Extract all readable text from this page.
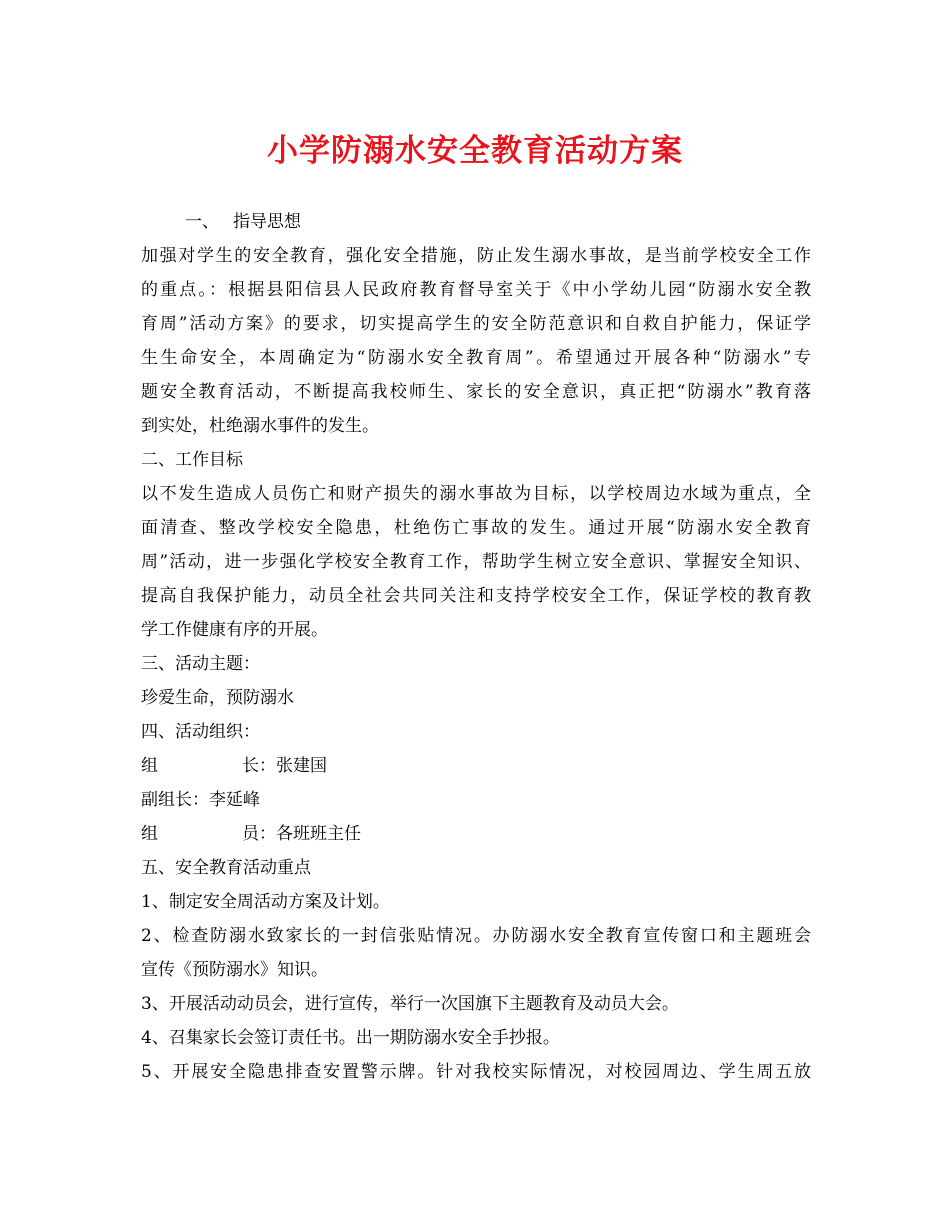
小学防溺水安全教育活动方案
一、 指导思想
加强对学生的安全教育，强化安全措施，防止发生溺水事故，是当前学校安全工作
的重点。：根据县阳信县人民政府教育督导室关于《中小学幼儿园“防溺水安全教
育周”活动方案》的要求，切实提高学生的安全防范意识和自救自护能力，保证学
生生命安全，本周确定为“防溺水安全教育周”。希望通过开展各种“防溺水”专
题安全教育活动，不断提高我校师生、家长的安全意识，真正把“防溺水”教育落
到实处，杜绝溺水事件的发生。
二、工作目标
以不发生造成人员伤亡和财产损失的溺水事故为目标，以学校周边水域为重点，全
面清查、整改学校安全隐患，杜绝伤亡事故的发生。通过开展“防溺水安全教育
周”活动，进一步强化学校安全教育工作，帮助学生树立安全意识、掌握安全知识、
提高自我保护能力，动员全社会共同关注和支持学校安全工作，保证学校的教育教
学工作健康有序的开展。
三、活动主题：
珍爱生命，预防溺水
四、活动组织：
组	长：张建国
副组长：李延峰
组	员：各班班主任
五、安全教育活动重点
1、制定安全周活动方案及计划。
2、检查防溺水致家长的一封信张贴情况。办防溺水安全教育宣传窗口和主题班会
宣传《预防溺水》知识。
3、开展活动动员会，进行宣传，举行一次国旗下主题教育及动员大会。
4、召集家长会签订责任书。出一期防溺水安全手抄报。
5、开展安全隐患排查安置警示牌。针对我校实际情况，对校园周边、学生周五放
